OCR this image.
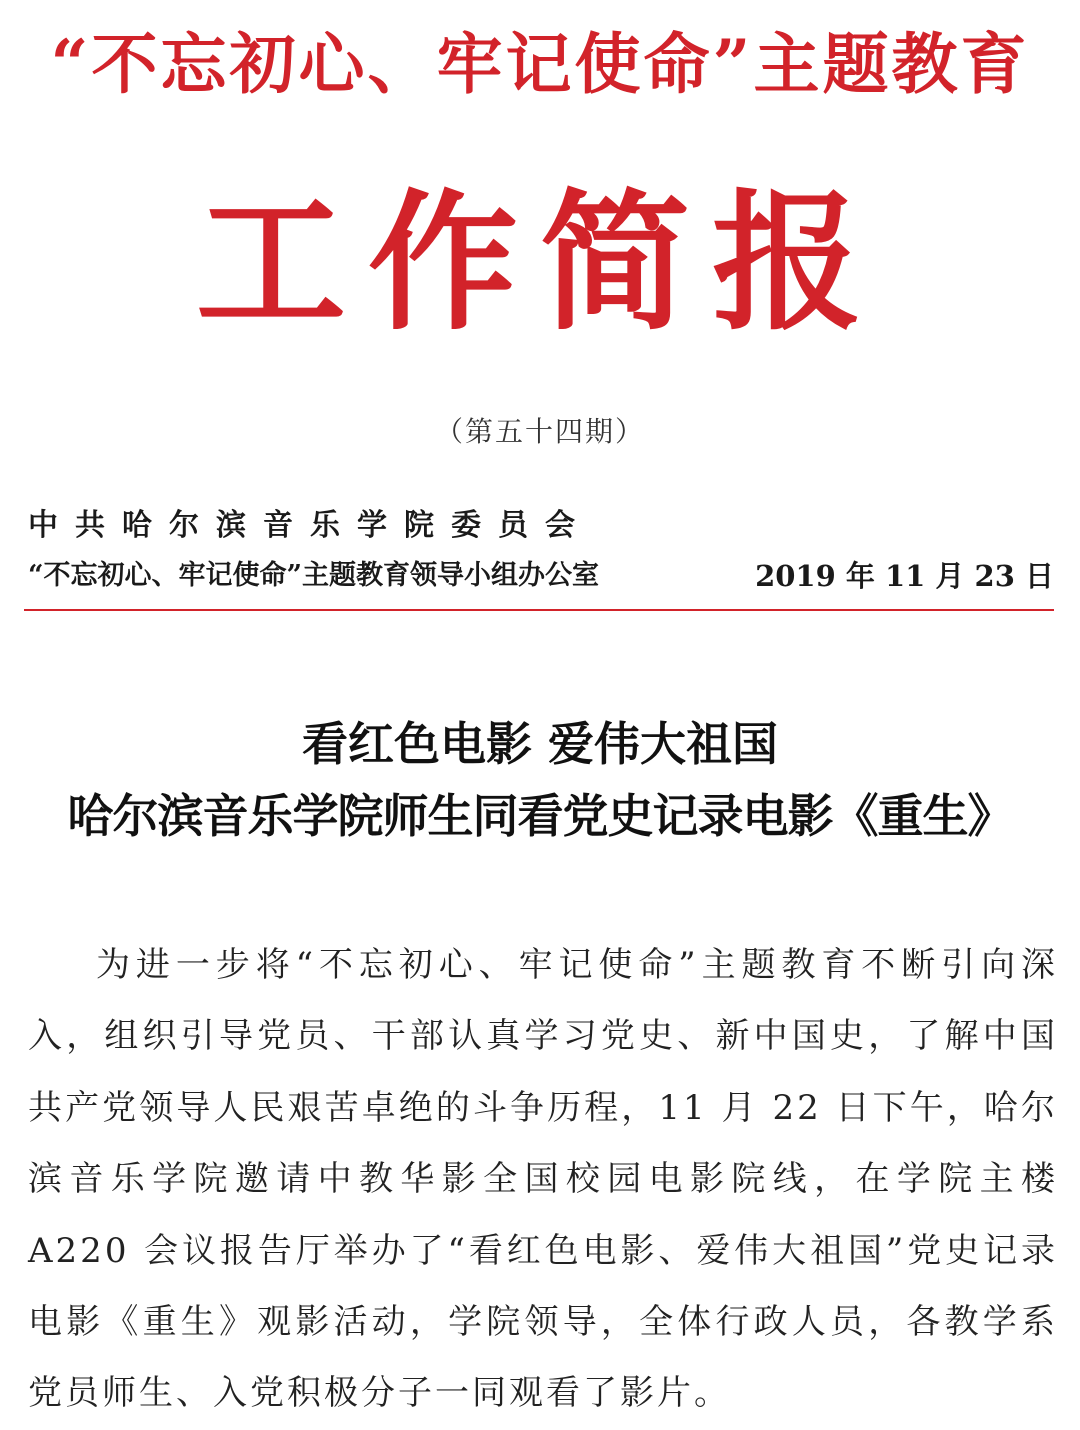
“不忘初心、牢记使命”主题教育
工作简报
（第五十四期）
中共哈尔滨音乐学院委员会
“不忘初心、牢记使命”主题教育领导小组办公室	2019 年 11 月 23 日
看红色电影 爱伟大祖国
哈尔滨音乐学院师生同看党史记录电影《重生》

为进一步将“不忘初心、牢记使命”主题教育不断引向深入，组织引导党员、干部认真学习党史、新中国史，了解中国共产党领导人民艰苦卓绝的斗争历程，11 月 22 日下午，哈尔滨音乐学院邀请中教华影全国校园电影院线，在学院主楼 A220 会议报告厅举办了“看红色电影、爱伟大祖国”党史记录电影《重生》观影活动，学院领导，全体行政人员，各教学系党员师生、入党积极分子一同观看了影片。
